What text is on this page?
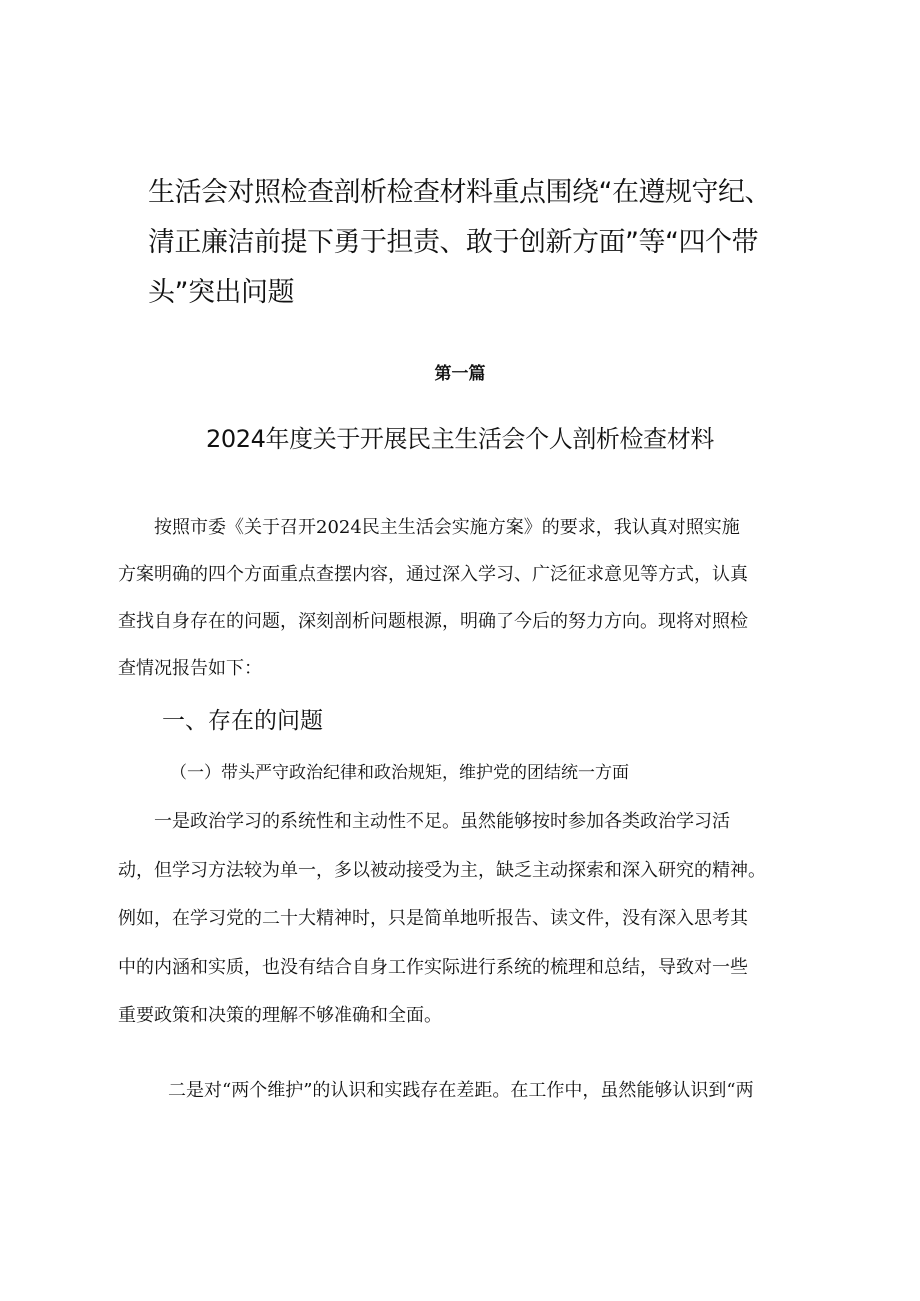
生活会对照检查剖析检查材料重点围绕“在遵规守纪、
清正廉洁前提下勇于担责、敢于创新方面”等“四个带
头”突出问题
第一篇
2024年度关于开展民主生活会个人剖析检查材料
　　按照市委《关于召开2024民主生活会实施方案》的要求，我认真对照实施
方案明确的四个方面重点查摆内容，通过深入学习、广泛征求意见等方式，认真
查找自身存在的问题，深刻剖析问题根源，明确了今后的努力方向。现将对照检
查情况报告如下：
一、存在的问题
（一）带头严守政治纪律和政治规矩，维护党的团结统一方面
　　一是政治学习的系统性和主动性不足。虽然能够按时参加各类政治学习活
动，但学习方法较为单一，多以被动接受为主，缺乏主动探索和深入研究的精神。
例如，在学习党的二十大精神时，只是简单地听报告、读文件，没有深入思考其
中的内涵和实质，也没有结合自身工作实际进行系统的梳理和总结，导致对一些
重要政策和决策的理解不够准确和全面。
二是对“两个维护”的认识和实践存在差距。在工作中，虽然能够认识到“两
